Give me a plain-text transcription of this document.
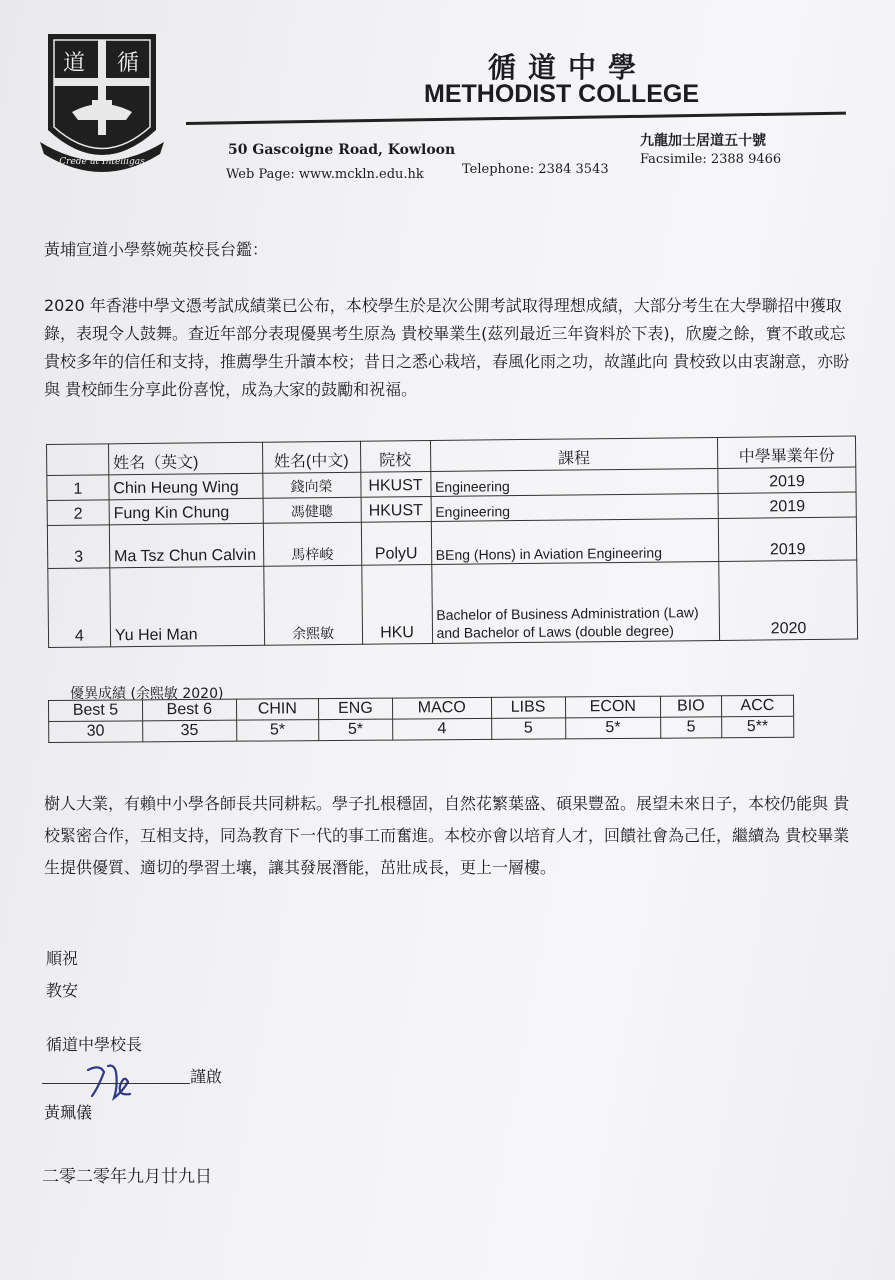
道 循
Crede ut Intelligas
循道中學
METHODIST COLLEGE
50 Gascoigne Road, Kowloon
Web Page: www.mckln.edu.hk	Telephone: 2384 3543
九龍加士居道五十號
Facsimile: 2388 9466
黃埔宣道小學蔡婉英校長台鑑：
2020 年香港中學文憑考試成績業已公布，本校學生於是次公開考試取得理想成績，大部分考生在大學聯招中獲取錄，表現令人鼓舞。查近年部分表現優異考生原為 貴校畢業生(茲列最近三年資料於下表)，欣慶之餘，實不敢或忘 貴校多年的信任和支持，推薦學生升讀本校；昔日之悉心栽培，春風化雨之功，故謹此向 貴校致以由衷謝意，亦盼與 貴校師生分享此份喜悅，成為大家的鼓勵和祝福。
	姓名（英文)	姓名(中文)	院校	課程	中學畢業年份
1	Chin Heung Wing	錢向榮	HKUST	Engineering	2019
2	Fung Kin Chung	馮健聰	HKUST	Engineering	2019
3	Ma Tsz Chun Calvin	馬梓峻	PolyU	BEng (Hons) in Aviation Engineering	2019
4	Yu Hei Man	余熙敏	HKU	Bachelor of Business Administration (Law) and Bachelor of Laws (double degree)	2020
優異成績 (余熙敏 2020)
Best 5	Best 6	CHIN	ENG	MACO	LIBS	ECON	BIO	ACC
30	35	5*	5*	4	5	5*	5	5**
樹人大業，有賴中小學各師長共同耕耘。學子扎根穩固，自然花繁葉盛、碩果豐盈。展望未來日子，本校仍能與 貴校緊密合作，互相支持，同為教育下一代的事工而奮進。本校亦會以培育人才，回饋社會為己任，繼續為 貴校畢業生提供優質、適切的學習土壤，讓其發展潛能，茁壯成長，更上一層樓。
順祝
教安
循道中學校長
謹啟
黃珮儀
二零二零年九月廿九日
